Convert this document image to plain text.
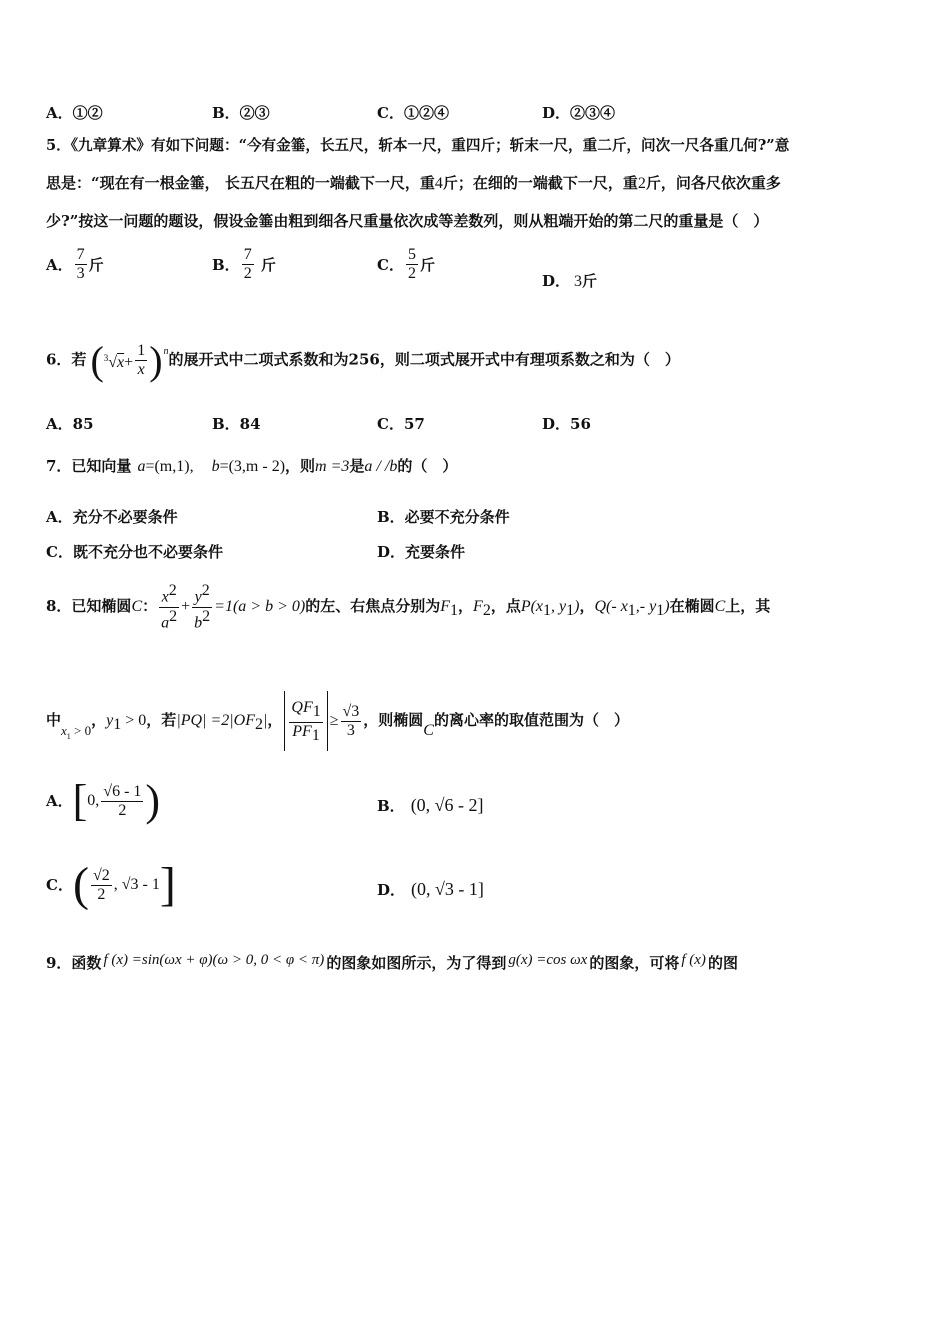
A．①②	B．②③	C．①②④	D．②③④
5．《九章算术》有如下问题：“今有金箠，长五尺，斩本一尺，重四斤；斩末一尺，重二斤，问次一尺各重几何?”意
思是：“现在有一根金箠， 长五尺在粗的一端截下一尺，重4斤；在细的一端截下一尺，重2斤，问各尺依次重多
少?”按这一问题的题设，假设金箠由粗到细各尺重量依次成等差数列，则从粗端开始的第二尺的重量是（　）
A． $\frac{7}{3}$ 斤	B． $\frac{7}{2}$ 斤	C． $\frac{5}{2}$ 斤
D． 3斤
6．若 ($^3√x+ \frac{1}{x}$ ) n 的展开式中二项式系数和为256，则二项式展开式中有理项系数之和为（　）
A．85	B．84	C．57	D．56
7．已知向量 a=(m,1), b=(3,m - 2)，则m =3是a / /b的（　）
A．充分不必要条件	B．必要不充分条件
C．既不充分也不必要条件	D．充要条件
8．已知椭圆C： $\frac{x^2}{a^2} + \frac{y^2}{b^2} =1(a > b > 0)$的左、右焦点分别为$F_1$，$F_2$，点$P(x_1$, $y_1$)，Q(- $x_1,-$ $y_1$)在椭圆C上，其
中$x_1 > 0$，$y_1 > 0$，若$|PQ| =2|OF_2|$， $\frac{QF_1}{PF_1} \ge \frac{√3}{3}$ ，则椭圆C的离心率的取值范围为（　）
A．[0, $\frac{√6 - 1}{2}$ )	B． (0, √6 - 2]
C．( $\frac{√2}{2}$ , √3 - 1]	D． (0, √3 - 1]
9．函数 f (x) =sin(ωx + φ)(ω > 0, 0 < φ < π) 的图象如图所示，为了得到 g(x) =cos ωx 的图象，可将 f (x) 的图
